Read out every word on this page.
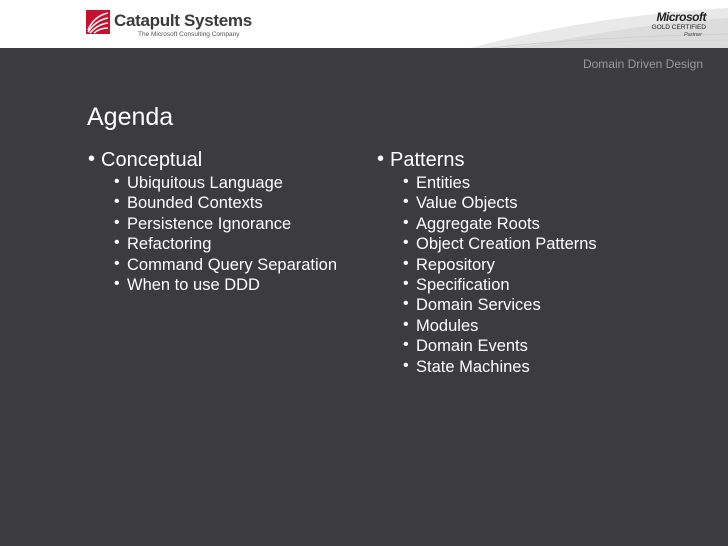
Catapult Systems
The Microsoft Consulting Company
Microsoft
GOLD CERTIFIED
Partner
Domain Driven Design
Agenda
• Conceptual
• Ubiquitous Language
• Bounded Contexts
• Persistence Ignorance
• Refactoring
• Command Query Separation
• When to use DDD
• Patterns
• Entities
• Value Objects
• Aggregate Roots
• Object Creation Patterns
• Repository
• Specification
• Domain Services
• Modules
• Domain Events
• State Machines
